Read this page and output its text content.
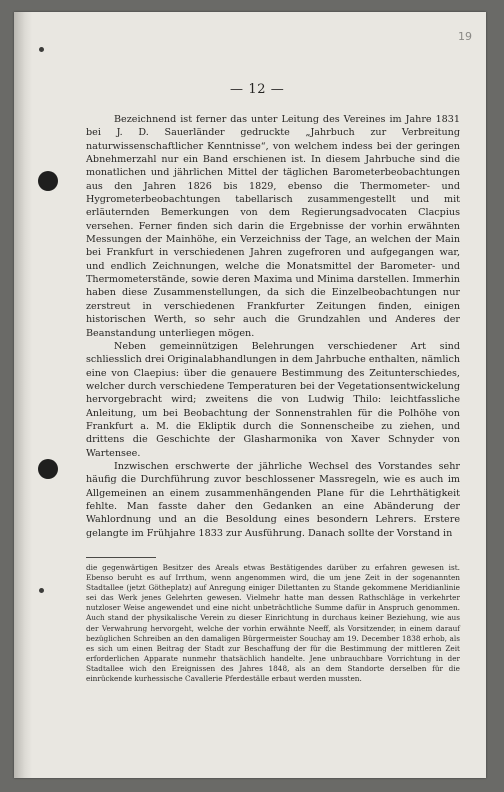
19
— 12 —

Bezeichnend ist ferner das unter Leitung des Vereines im Jahre 1831 bei J. D. Sauerländer gedruckte „Jahrbuch zur Verbreitung naturwissenschaftlicher Kenntnisse“, von welchem indess bei der geringen Abnehmerzahl nur ein Band erschienen ist. In diesem Jahrbuche sind die monatlichen und jährlichen Mittel der täglichen Barometerbeobachtungen aus den Jahren 1826 bis 1829, ebenso die Thermometer- und Hygrometerbeobachtungen tabellarisch zusammengestellt und mit erläuternden Bemerkungen von dem Regierungsadvocaten Clacpius versehen. Ferner finden sich darin die Ergebnisse der vorhin erwähnten Messungen der Mainhöhe, ein Verzeichniss der Tage, an welchen der Main bei Frankfurt in verschiedenen Jahren zugefroren und aufgegangen war, und endlich Zeichnungen, welche die Monatsmittel der Barometer- und Thermometerstände, sowie deren Maxima und Minima darstellen. Immerhin haben diese Zusammenstellungen, da sich die Einzelbeobachtungen nur zerstreut in verschiedenen Frankfurter Zeitungen finden, einigen historischen Werth, so sehr auch die Grundzahlen und Anderes der Beanstandung unterliegen mögen.

Neben gemeinnützigen Belehrungen verschiedener Art sind schliesslich drei Originalabhandlungen in dem Jahrbuche enthalten, nämlich eine von Claepius: über die genauere Bestimmung des Zeitunterschiedes, welcher durch verschiedene Temperaturen bei der Vegetationsentwickelung hervorgebracht wird; zweitens die von Ludwig Thilo: leichtfassliche Anleitung, um bei Beobachtung der Sonnenstrahlen für die Polhöhe von Frankfurt a. M. die Ekliptik durch die Sonnenscheibe zu ziehen, und drittens die Geschichte der Glasharmonika von Xaver Schnyder von Wartensee.

Inzwischen erschwerte der jährliche Wechsel des Vorstandes sehr häufig die Durchführung zuvor beschlossener Massregeln, wie es auch im Allgemeinen an einem zusammenhängenden Plane für die Lehrthätigkeit fehlte. Man fasste daher den Gedanken an eine Abänderung der Wahlordnung und an die Besoldung eines besondern Lehrers. Erstere gelangte im Frühjahre 1833 zur Ausführung. Danach sollte der Vorstand in

die gegenwärtigen Besitzer des Areals etwas Bestätigendes darüber zu erfahren gewesen ist. Ebenso beruht es auf Irrthum, wenn angenommen wird, die um jene Zeit in der sogenannten Stadtallee (jetzt Götheplatz) auf Anregung einiger Dilettanten zu Stande gekommene Meridianlinie sei das Werk jenes Gelehrten gewesen. Vielmehr hatte man dessen Rathschläge in verkehrter nutzloser Weise angewendet und eine nicht unbeträchtliche Summe dafür in Anspruch genommen. Auch stand der physikalische Verein zu dieser Einrichtung in durchaus keiner Beziehung, wie aus der Verwahrung hervorgeht, welche der vorhin erwähnte Neeff, als Vorsitzender, in einem darauf bezüglichen Schreiben an den damaligen Bürgermeister Souchay am 19. December 1838 erhob, als es sich um einen Beitrag der Stadt zur Beschaffung der für die Bestimmung der mittleren Zeit erforderlichen Apparate nunmehr thatsächlich handelte. Jene unbrauchbare Vorrichtung in der Stadtallee wich den Ereignissen des Jahres 1848, als an dem Standorte derselben für die einrückende kurhessische Cavallerie Pferdeställe erbaut werden mussten.
